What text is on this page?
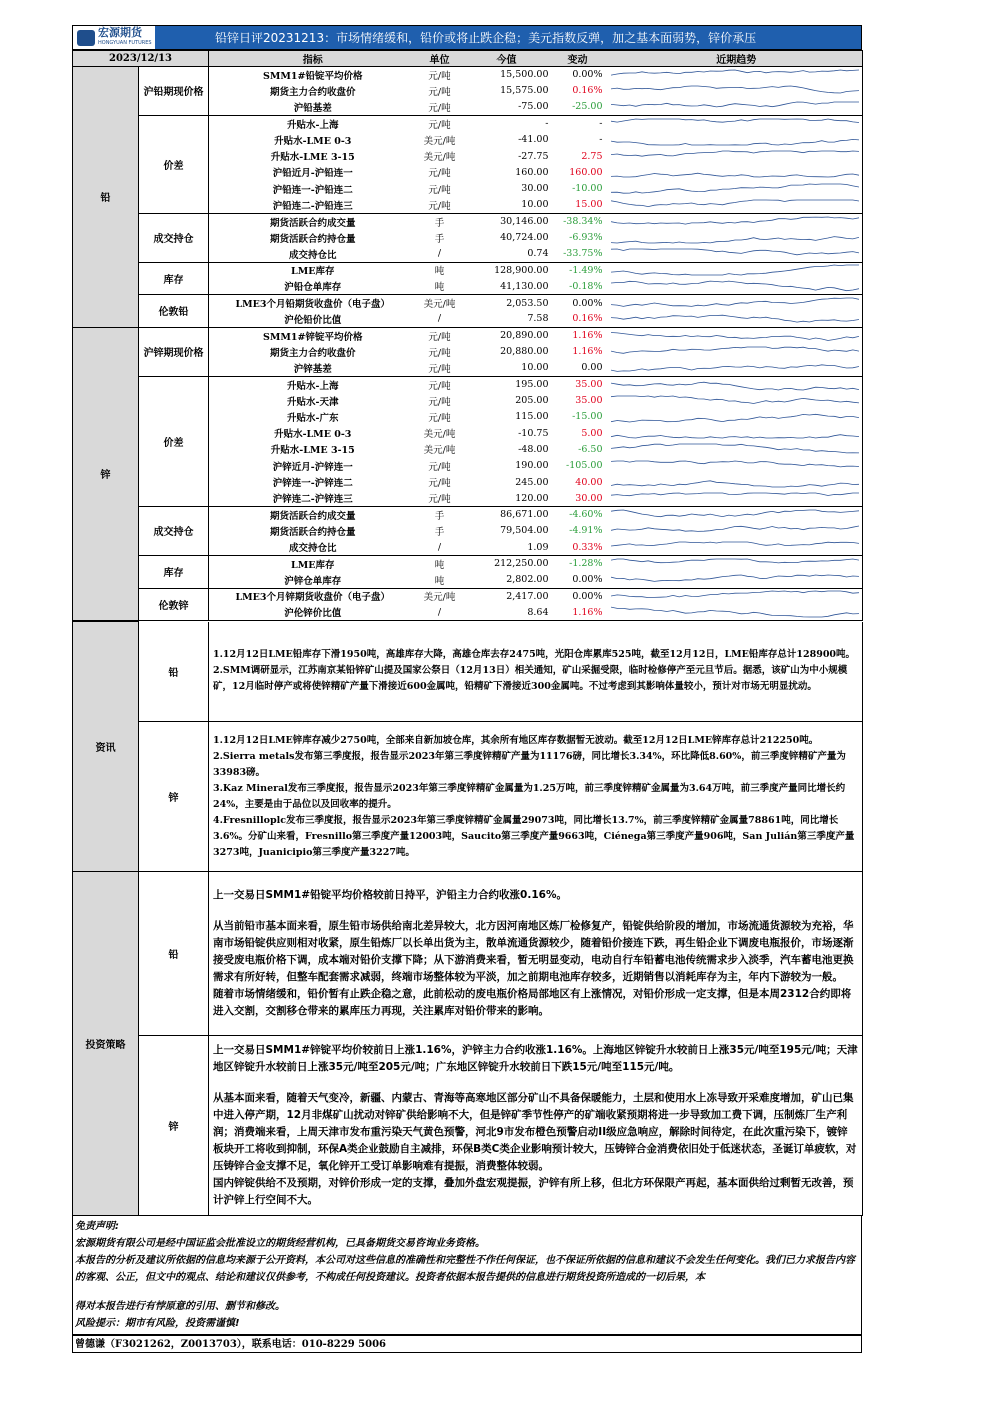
宏源期货
HONGYUAN FUTURES	铅锌日评20231213：市场情绪缓和，铅价或将止跌企稳；美元指数反弹，加之基本面弱势，锌价承压
2023/12/13		指标	单位	今值	变动	近期趋势
铅	沪铅期现价格	SMM1#铅锭平均价格	元/吨	15,500.00	0.00%	

		期货主力合约收盘价	元/吨	15,575.00	0.16%	

		沪铅基差	元/吨	-75.00	-25.00	

	价差	升贴水-上海	元/吨	-	-	

		升贴水-LME 0-3	美元/吨	-41.00	-	

		升贴水-LME 3-15	美元/吨	-27.75	2.75	

		沪铅近月-沪铅连一	元/吨	160.00	160.00	

		沪铅连一-沪铅连二	元/吨	30.00	-10.00	

		沪铅连二-沪铅连三	元/吨	10.00	15.00	

	成交持仓	期货活跃合约成交量	手	30,146.00	-38.34%	

		期货活跃合约持仓量	手	40,724.00	-6.93%	

		成交持仓比	/	0.74	-33.75%	

	库存	LME库存	吨	128,900.00	-1.49%	

		沪铅仓单库存	吨	41,130.00	-0.18%	

	伦敦铅	LME3个月铅期货收盘价（电子盘）	美元/吨	2,053.50	0.00%	

		沪伦铅价比值	/	7.58	0.16%	

锌	沪锌期现价格	SMM1#锌锭平均价格	元/吨	20,890.00	1.16%	

		期货主力合约收盘价	元/吨	20,880.00	1.16%	

		沪锌基差	元/吨	10.00	0.00	

	价差	升贴水-上海	元/吨	195.00	35.00	

		升贴水-天津	元/吨	205.00	35.00	

		升贴水-广东	元/吨	115.00	-15.00	

		升贴水-LME 0-3	美元/吨	-10.75	5.00	

		升贴水-LME 3-15	美元/吨	-48.00	-6.50	

		沪锌近月-沪锌连一	元/吨	190.00	-105.00	

		沪锌连一-沪锌连二	元/吨	245.00	40.00	

		沪锌连二-沪锌连三	元/吨	120.00	30.00	

	成交持仓	期货活跃合约成交量	手	86,671.00	-4.60%	

		期货活跃合约持仓量	手	79,504.00	-4.91%	

		成交持仓比	/	1.09	0.33%	

	库存	LME库存	吨	212,250.00	-1.28%	

		沪锌仓单库存	吨	2,802.00	0.00%	

	伦敦锌	LME3个月锌期货收盘价（电子盘）	美元/吨	2,417.00	0.00%	

		沪伦锌价比值	/	8.64	1.16%	
资讯	铅	1.12月12日LME铅库存下滑1950吨，高雄库存大降，高雄仓库去存2475吨，光阳仓库累库525吨，截至12月12日，LME铅库存总计128900吨。

2.SMM调研显示，江苏南京某铅锌矿山提及国家公祭日（12月13日）相关通知，矿山采掘受限，临时检修停产至元旦节后。据悉，该矿山为中小规模矿，12月临时停产或将使锌精矿产量下滑接近600金属吨，铅精矿下滑接近300金属吨。不过考虑到其影响体量较小，预计对市场无明显扰动。

	锌	1.12月12日LME锌库存减少2750吨，全部来自新加坡仓库，其余所有地区库存数据暂无波动。截至12月12日LME锌库存总计212250吨。

2.Sierra metals发布第三季度报，报告显示2023年第三季度锌精矿产量为11176磅，同比增长3.34%，环比降低8.60%，前三季度锌精矿产量为33983磅。

3.Kaz Mineral发布三季度报，报告显示2023年第三季度锌精矿金属量为1.25万吨，前三季度锌精矿金属量为3.64万吨，前三季度产量同比增长约24%，主要是由于品位以及回收率的提升。

4.Fresnilloplc发布三季度报，报告显示2023年第三季度锌精矿金属量29073吨，同比增长13.7%，前三季度锌精矿金属量78861吨，同比增长3.6%。分矿山来看，Fresnillo第三季度产量12003吨，Saucito第三季度产量9663吨，Ciénega第三季度产量906吨，San Julián第三季度产量3273吨，Juanicipio第三季度产量3227吨。

投资策略	铅	上一交易日SMM1#铅锭平均价格较前日持平，沪铅主力合约收涨0.16%。

从当前铅市基本面来看，原生铅市场供给南北差异较大，北方因河南地区炼厂检修复产，铅锭供给阶段的增加，市场流通货源较为充裕，华南市场铅锭供应则相对收紧，原生铅炼厂以长单出货为主，散单流通货源较少，随着铅价接连下跌，再生铅企业下调废电瓶报价，市场逐渐接受废电瓶价格下调，成本端对铅价支撑下降；从下游消费来看，暂无明显变动，电动自行车铅蓄电池传统需求步入淡季，汽车蓄电池更换需求有所好转，但整车配套需求减弱，终端市场整体较为平淡，加之前期电池库存较多，近期销售以消耗库存为主，年内下游较为一般。

随着市场情绪缓和，铅价暂有止跌企稳之意，此前松动的废电瓶价格局部地区有上涨情况，对铅价形成一定支撑，但是本周2312合约即将进入交割，交割移仓带来的累库压力再现，关注累库对铅价带来的影响。

	锌	上一交易日SMM1#锌锭平均价较前日上涨1.16%，沪锌主力合约收涨1.16%。上海地区锌锭升水较前日上涨35元/吨至195元/吨；天津地区锌锭升水较前日上涨35元/吨至205元/吨；广东地区锌锭升水较前日下跌15元/吨至115元/吨。

从基本面来看，随着天气变冷，新疆、内蒙古、青海等高寒地区部分矿山不具备保暖能力，土层和使用水上冻导致开采难度增加，矿山已集中进入停产期，12月非煤矿山扰动对锌矿供给影响不大，但是锌矿季节性停产的矿端收紧预期将进一步导致加工费下调，压制炼厂生产利润；消费端来看，上周天津市发布重污染天气黄色预警，河北9市发布橙色预警启动II级应急响应，解除时间待定，在此次重污染下，镀锌板块开工将收到抑制，环保A类企业鼓励自主减排，环保B类C类企业影响预计较大，压铸锌合金消费依旧处于低迷状态，圣诞订单疲软，对压铸锌合金支撑不足，氧化锌开工受订单影响难有提振，消费整体较弱。

国内锌锭供给不及预期，对锌价形成一定的支撑，叠加外盘宏观提振，沪锌有所上移，但北方环保限产再起，基本面供给过剩暂无改善，预计沪锌上行空间不大。

免责声明:

宏源期货有限公司是经中国证监会批准设立的期货经营机构，已具备期货交易咨询业务资格。

本报告的分析及建议所依据的信息均来源于公开资料，本公司对这些信息的准确性和完整性不作任何保证，也不保证所依据的信息和建议不会发生任何变化。我们已力求报告内容的客观、公正，但文中的观点、结论和建议仅供参考，不构成任何投资建议。投资者依据本报告提供的信息进行期货投资所造成的一切后果，本

得对本报告进行有悖原意的引用、删节和修改。

风险提示：期市有风险，投资需谨慎!

曾德谦（F3021262，Z0013703），联系电话：010-8229 5006
